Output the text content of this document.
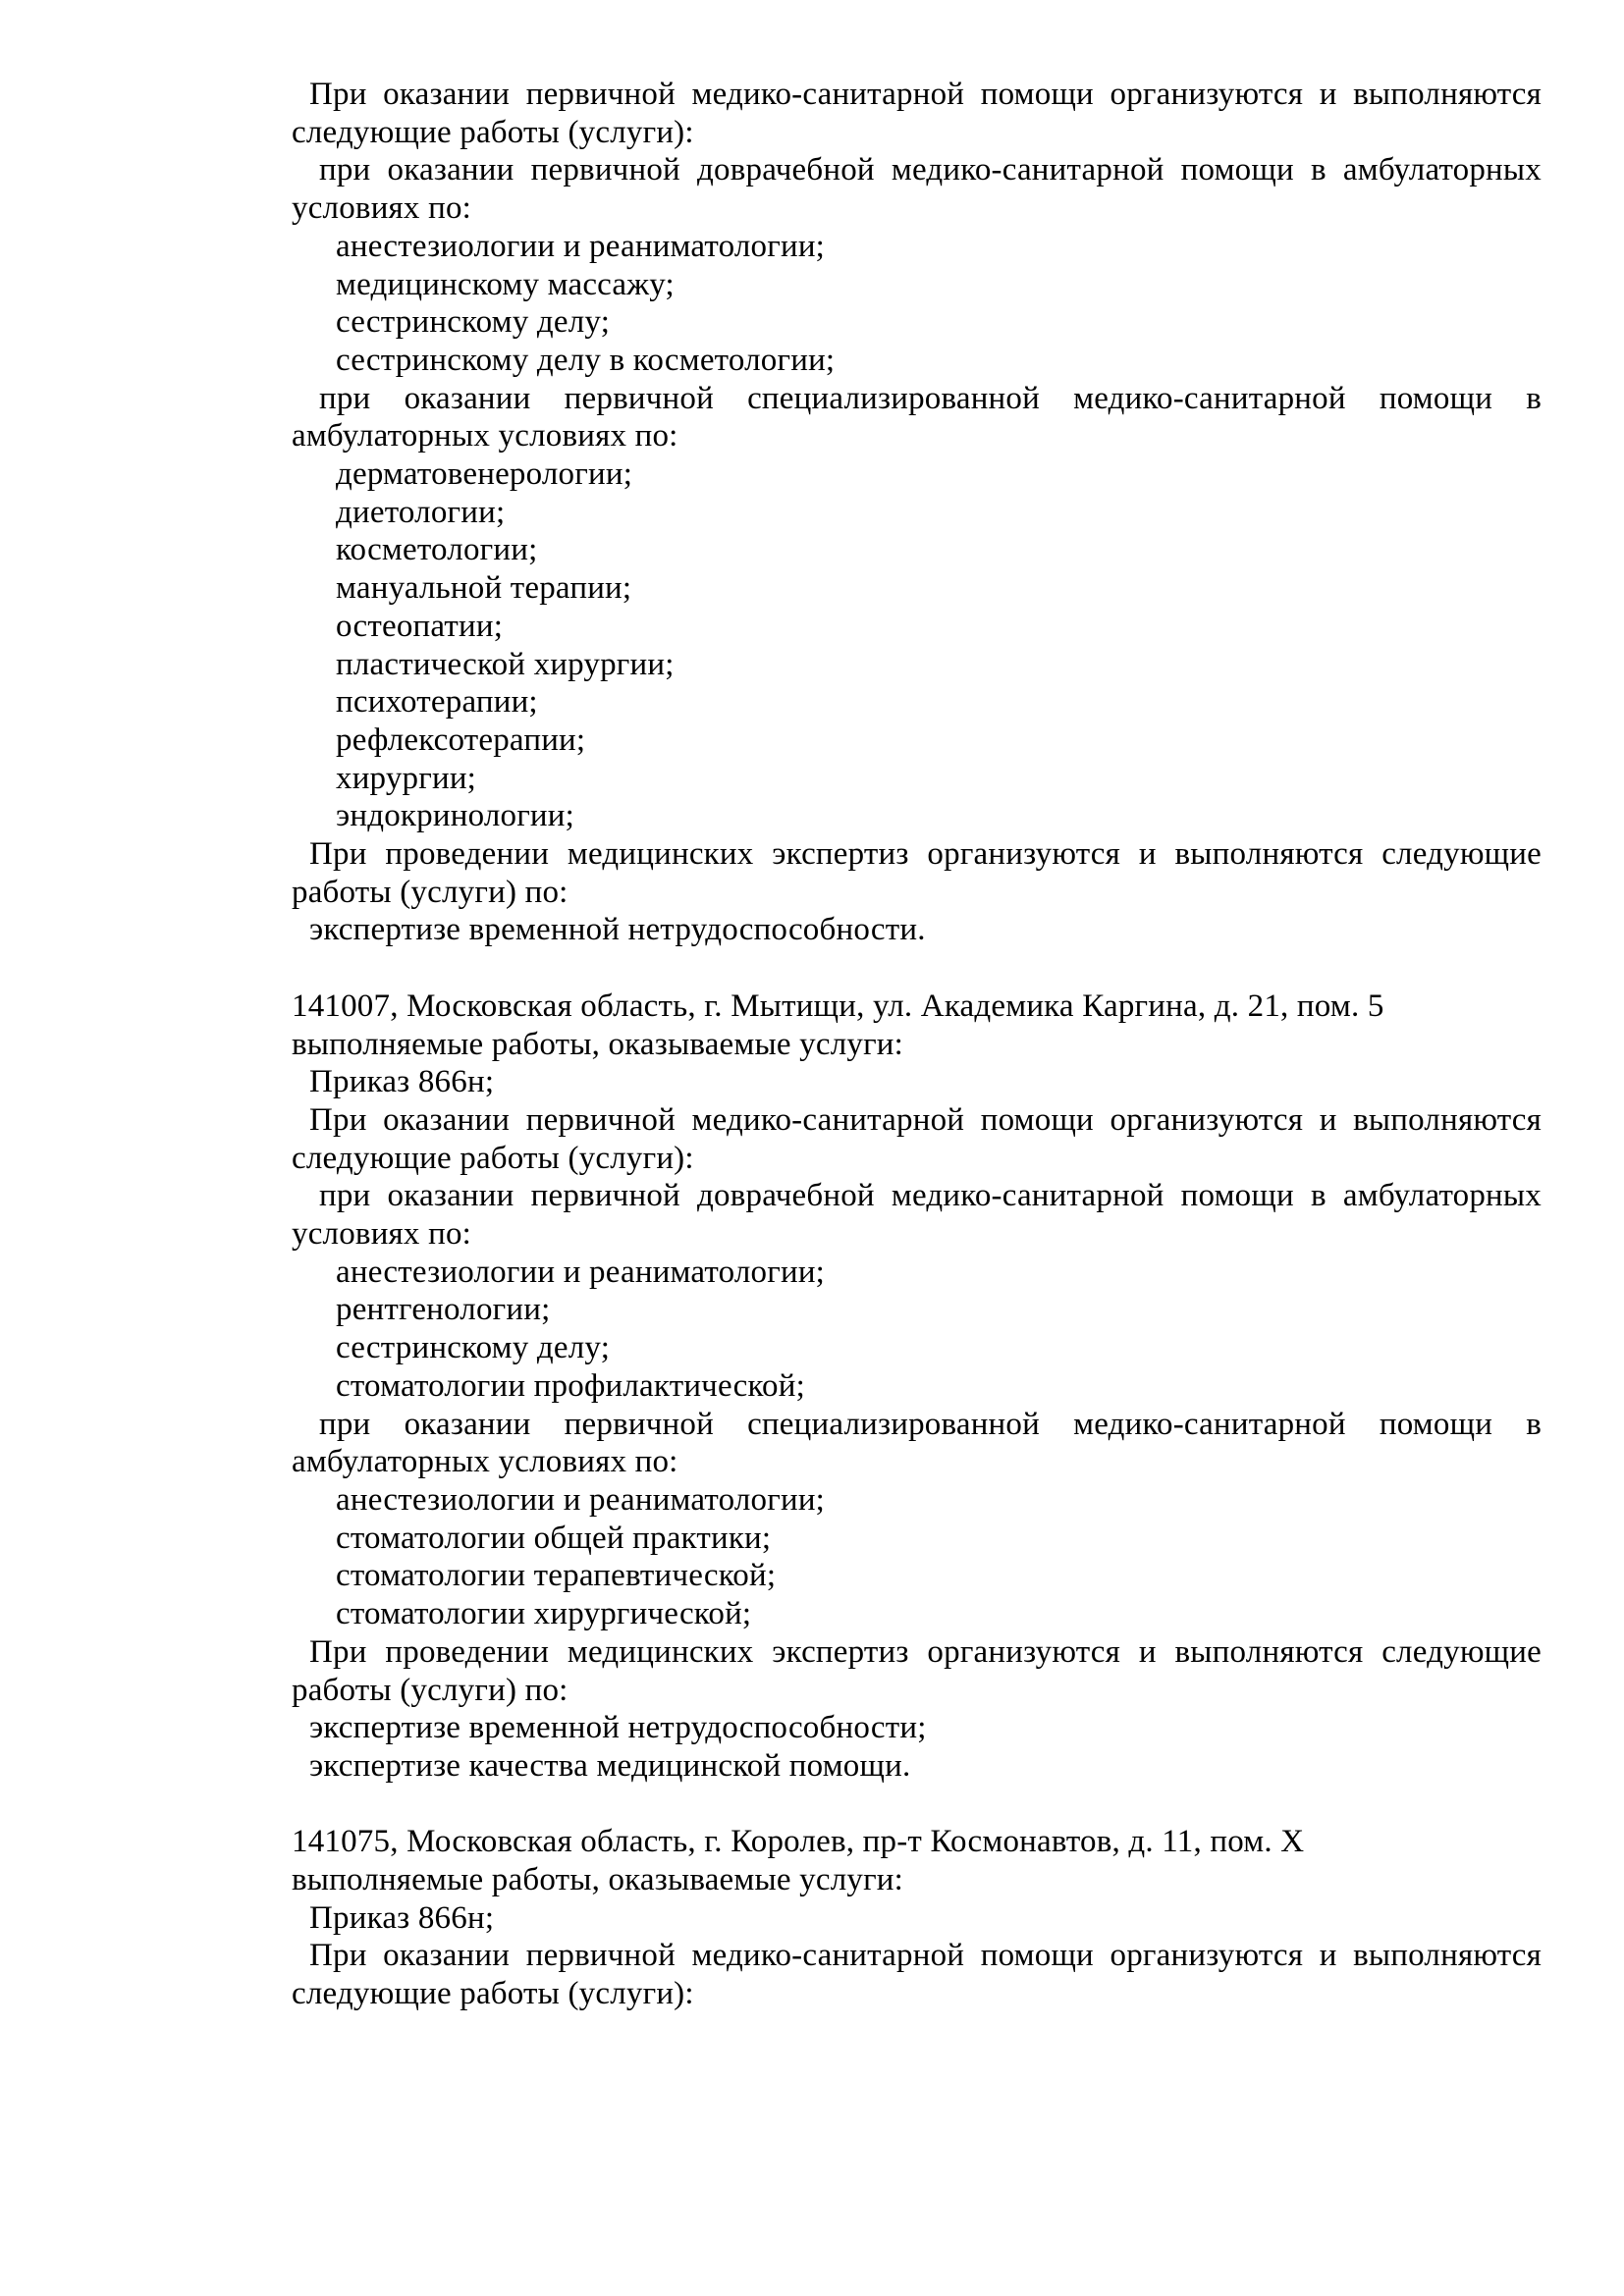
При оказании первичной медико-санитарной помощи организуются и выполняются
следующие работы (услуги):
при оказании первичной доврачебной медико-санитарной помощи в амбулаторных
условиях по:
анестезиологии и реаниматологии;
медицинскому массажу;
сестринскому делу;
сестринскому делу в косметологии;
при оказании первичной специализированной медико-санитарной помощи в
амбулаторных условиях по:
дерматовенерологии;
диетологии;
косметологии;
мануальной терапии;
остеопатии;
пластической хирургии;
психотерапии;
рефлексотерапии;
хирургии;
эндокринологии;
При проведении медицинских экспертиз организуются и выполняются следующие
работы (услуги) по:
экспертизе временной нетрудоспособности.
141007, Московская область, г. Мытищи, ул. Академика Каргина, д. 21, пом. 5
выполняемые работы, оказываемые услуги:
Приказ 866н;
При оказании первичной медико-санитарной помощи организуются и выполняются
следующие работы (услуги):
при оказании первичной доврачебной медико-санитарной помощи в амбулаторных
условиях по:
анестезиологии и реаниматологии;
рентгенологии;
сестринскому делу;
стоматологии профилактической;
при оказании первичной специализированной медико-санитарной помощи в
амбулаторных условиях по:
анестезиологии и реаниматологии;
стоматологии общей практики;
стоматологии терапевтической;
стоматологии хирургической;
При проведении медицинских экспертиз организуются и выполняются следующие
работы (услуги) по:
экспертизе временной нетрудоспособности;
экспертизе качества медицинской помощи.
141075, Московская область, г. Королев, пр-т Космонавтов, д. 11, пом. X
выполняемые работы, оказываемые услуги:
Приказ 866н;
При оказании первичной медико-санитарной помощи организуются и выполняются
следующие работы (услуги):
